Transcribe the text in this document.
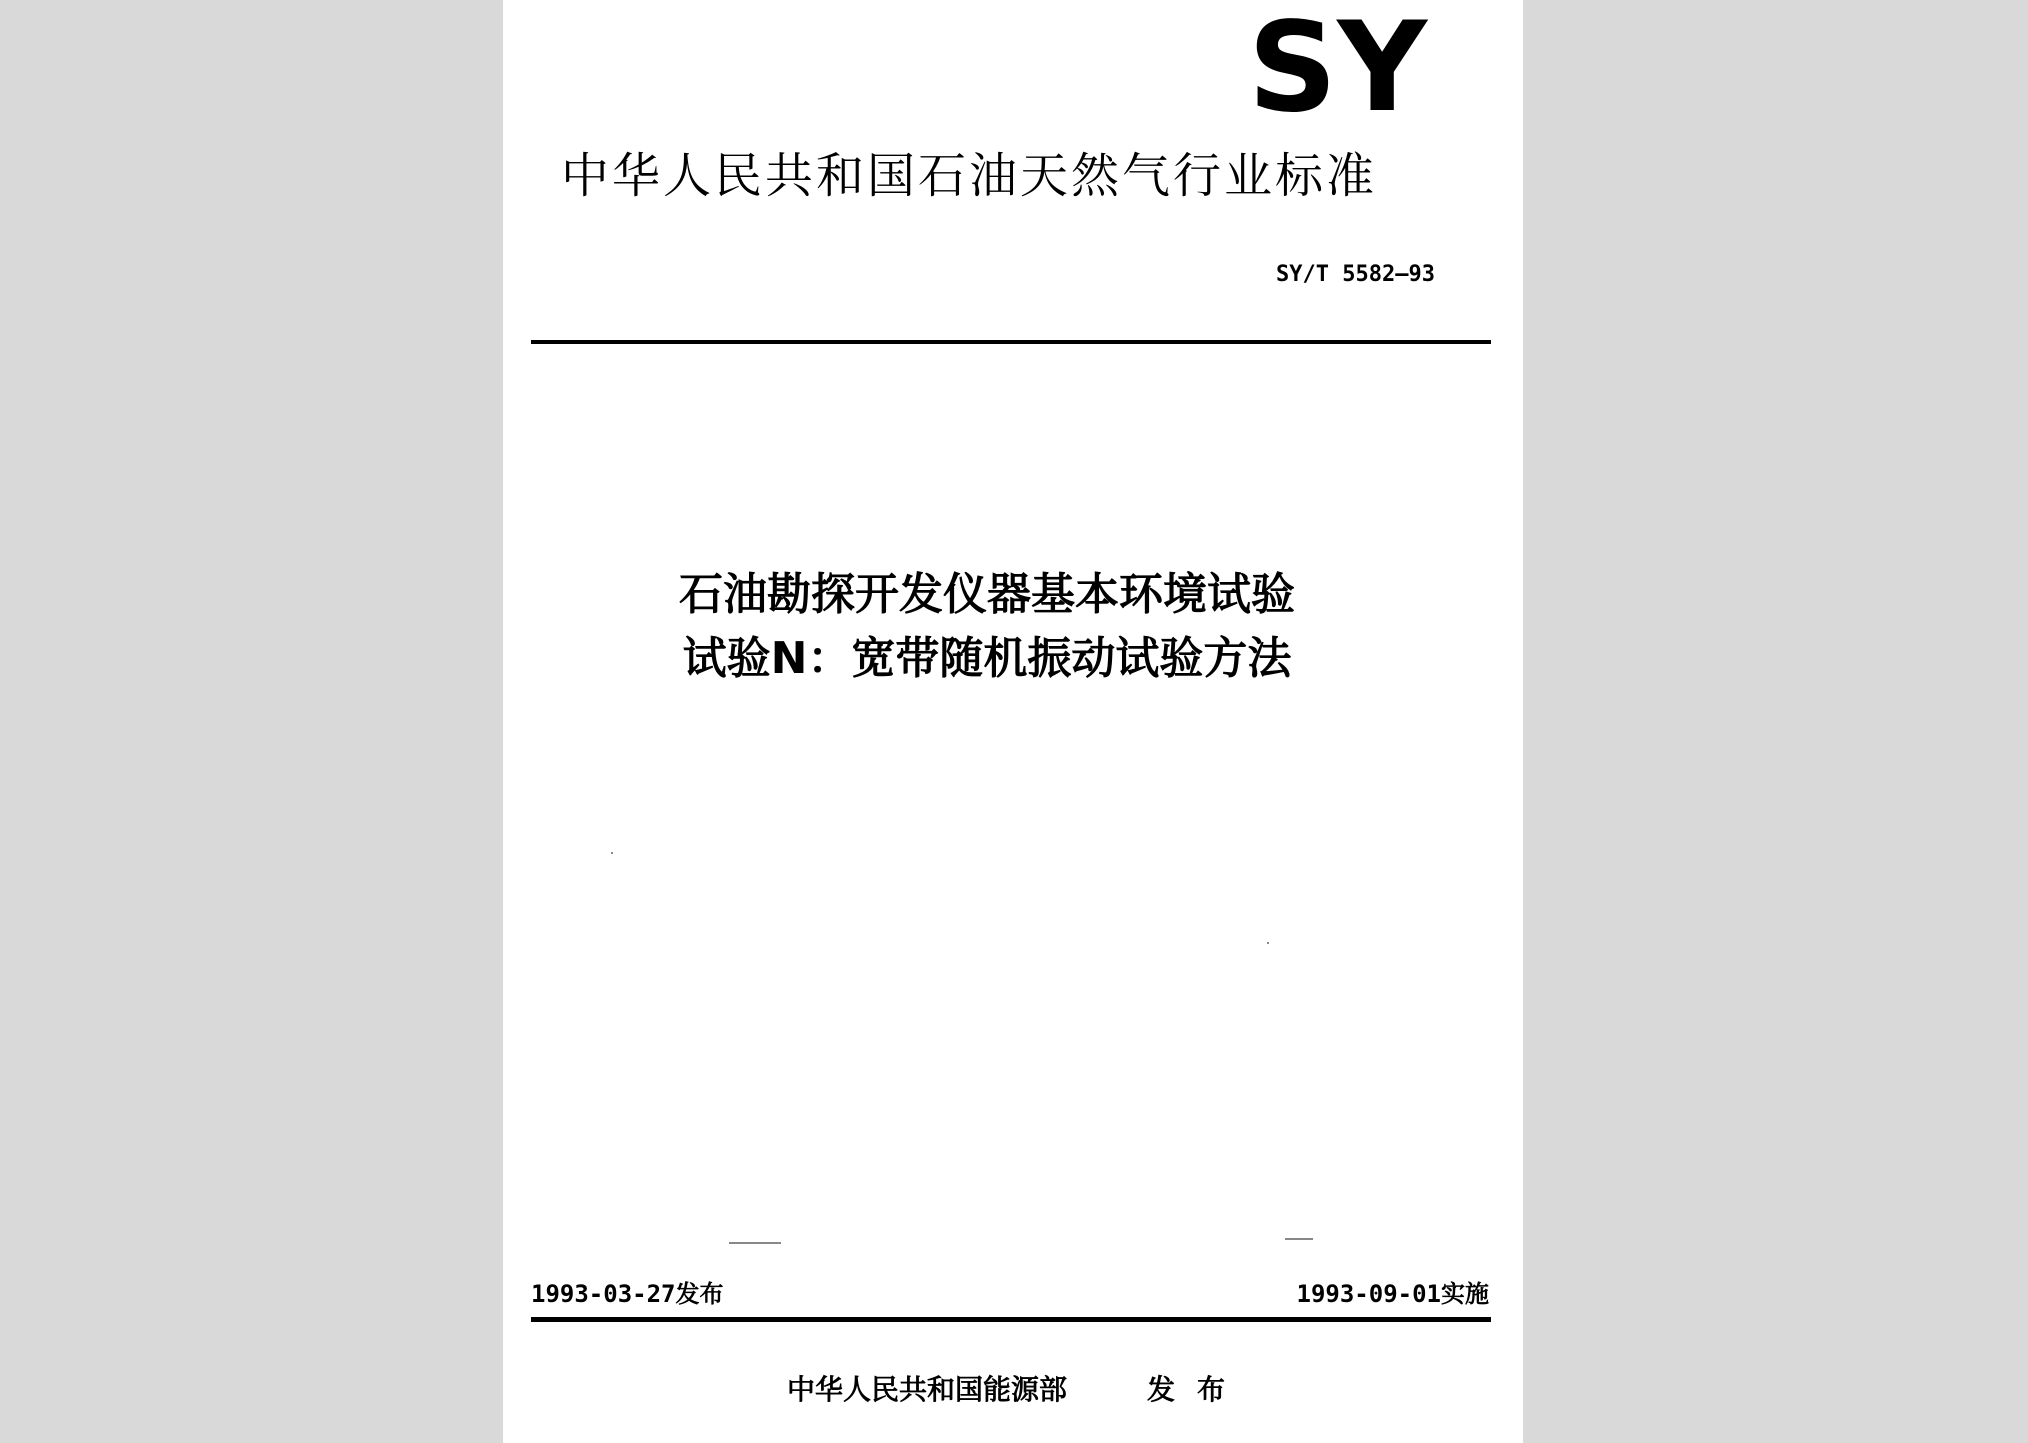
SY
中华人民共和国石油天然气行业标准
SY/T 5582—93
石油勘探开发仪器基本环境试验
试验N：宽带随机振动试验方法
1993-03-27发布	1993-09-01实施
中华人民共和国能源部	发布
